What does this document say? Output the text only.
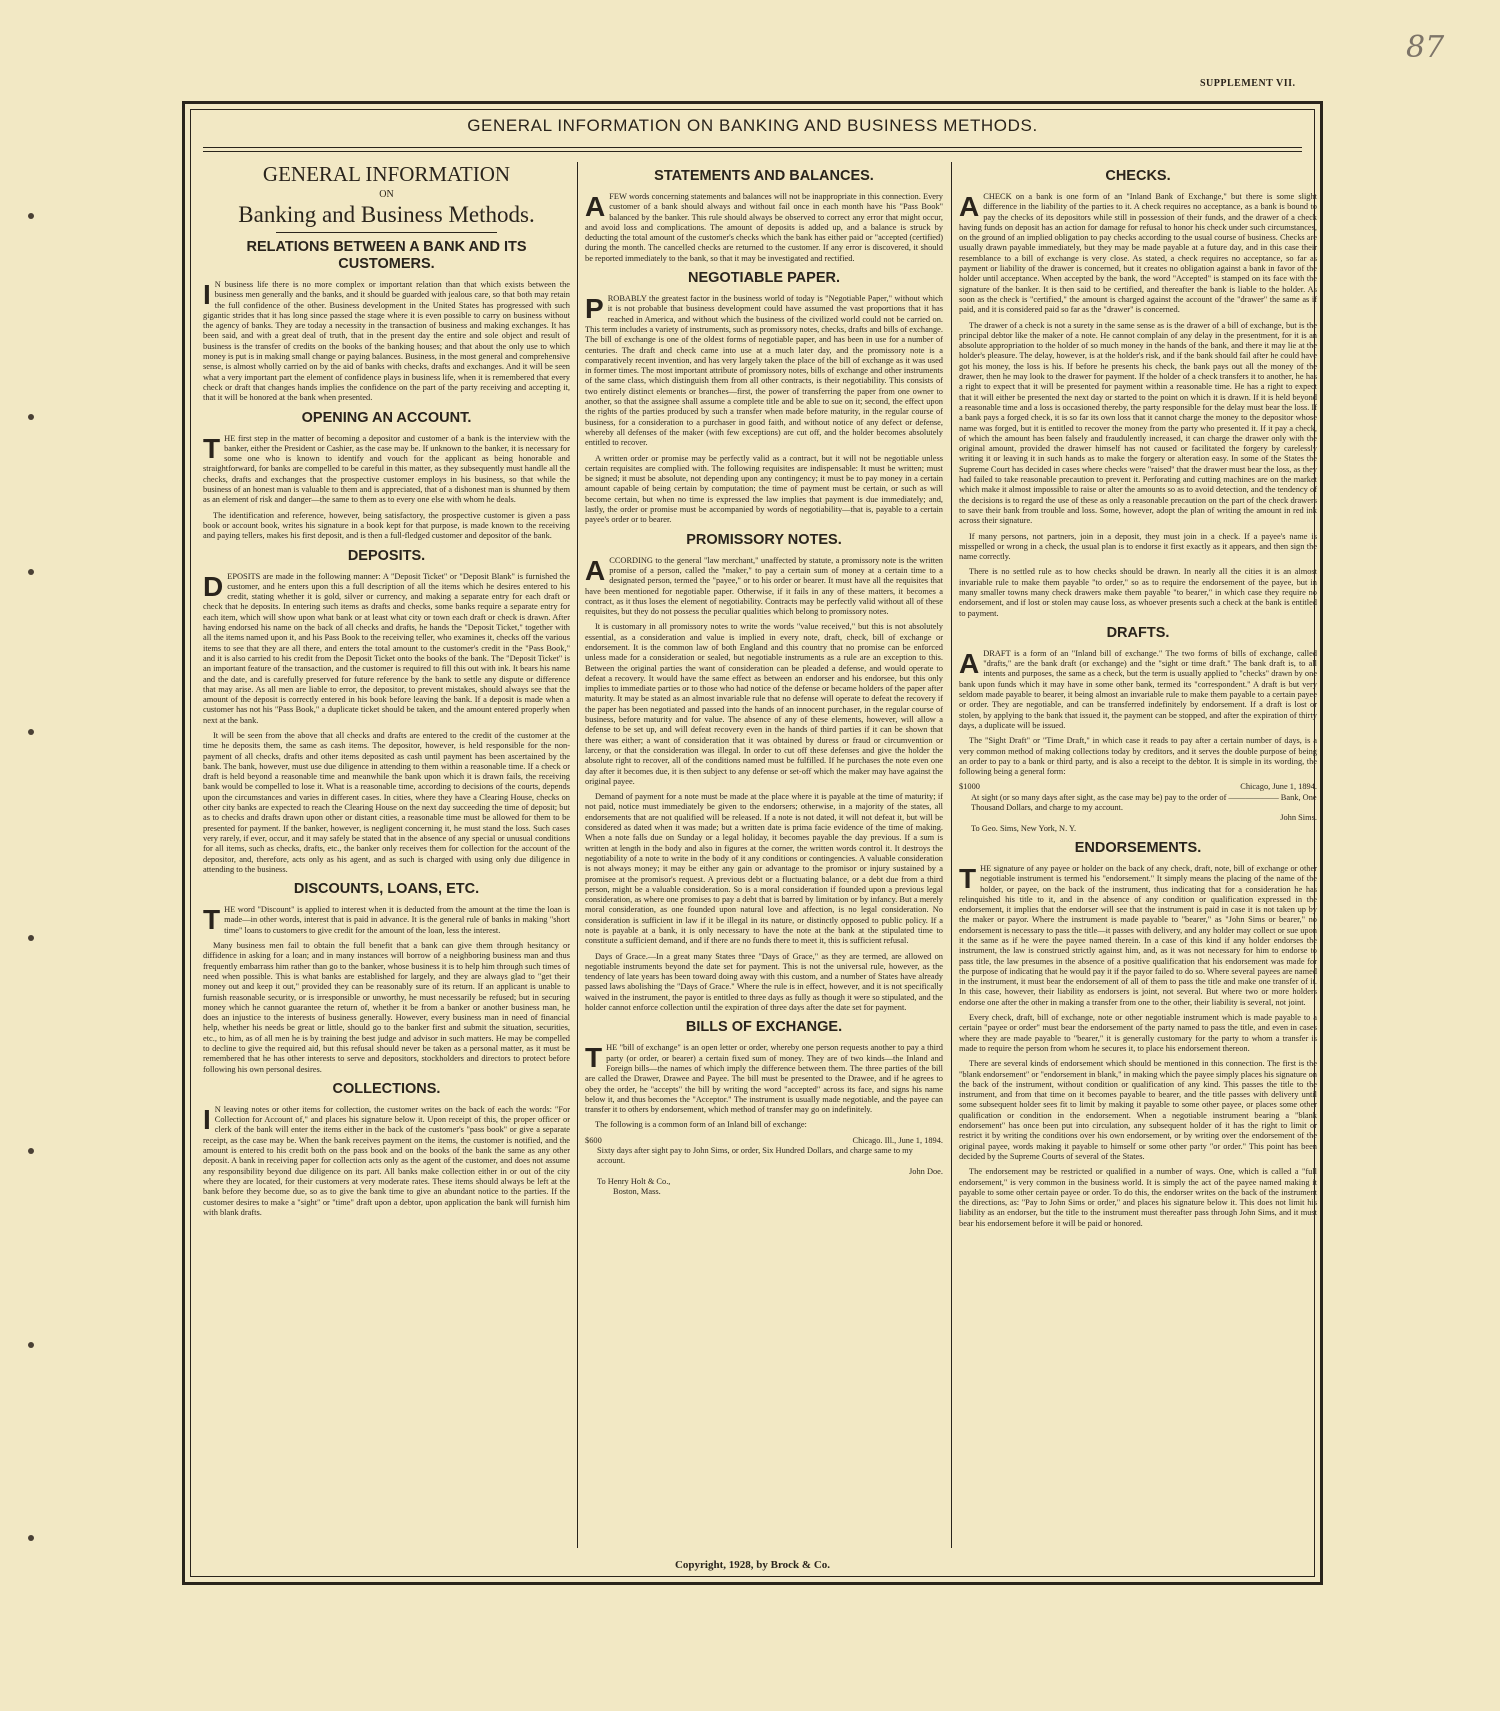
87
SUPPLEMENT VII.
GENERAL INFORMATION ON BANKING AND BUSINESS METHODS.
GENERAL INFORMATION
ON
Banking and Business Methods.
RELATIONS BETWEEN A BANK AND ITS CUSTOMERS.

I N business life there is no more complex or important relation than that which exists between the business men generally and the banks, and it should be guarded with jealous care, so that both may retain the full confidence of the other. Business development in the United States has progressed with such gigantic strides that it has long since passed the stage where it is even possible to carry on business without the agency of banks. They are today a necessity in the transaction of business and making exchanges. It has been said, and with a great deal of truth, that in the present day the entire and sole object and result of business is the transfer of credits on the books of the banking houses; and that about the only use to which money is put is in making small change or paying balances. Business, in the most general and comprehensive sense, is almost wholly carried on by the aid of banks with checks, drafts and exchanges. And it will be seen what a very important part the element of confidence plays in business life, when it is remembered that every check or draft that changes hands implies the confidence on the part of the party receiving and accepting it, that it will be honored at the bank when presented.

OPENING AN ACCOUNT.

THE first step in the matter of becoming a depositor and customer of a bank is the interview with the banker, either the President or Cashier, as the case may be. If unknown to the banker, it is necessary for some one who is known to identify and vouch for the applicant as being honorable and straightforward, for banks are compelled to be careful in this matter, as they subsequently must handle all the checks, drafts and exchanges that the prospective customer employs in his business, so that while the business of an honest man is valuable to them and is appreciated, that of a dishonest man is shunned by them as an element of risk and danger—the same to them as to every one else with whom he deals.

The identification and reference, however, being satisfactory, the prospective customer is given a pass book or account book, writes his signature in a book kept for that purpose, is made known to the receiving and paying tellers, makes his first deposit, and is then a full-fledged customer and depositor of the bank.

DEPOSITS.

DEPOSITS are made in the following manner: A "Deposit Ticket" or "Deposit Blank" is furnished the customer, and he enters upon this a full description of all the items which he desires entered to his credit, stating whether it is gold, silver or currency, and making a separate entry for each draft or check that he deposits. In entering such items as drafts and checks, some banks require a separate entry for each item, which will show upon what bank or at least what city or town each draft or check is drawn. After having endorsed his name on the back of all checks and drafts, he hands the "Deposit Ticket," together with all the items named upon it, and his Pass Book to the receiving teller, who examines it, checks off the various items to see that they are all there, and enters the total amount to the customer's credit in the "Pass Book," and it is also carried to his credit from the Deposit Ticket onto the books of the bank. The "Deposit Ticket" is an important feature of the transaction, and the customer is required to fill this out with ink. It bears his name and the date, and is carefully preserved for future reference by the bank to settle any dispute or difference that may arise. As all men are liable to error, the depositor, to prevent mistakes, should always see that the amount of the deposit is correctly entered in his book before leaving the bank. If a deposit is made when a customer has not his "Pass Book," a duplicate ticket should be taken, and the amount entered properly when next at the bank.

It will be seen from the above that all checks and drafts are entered to the credit of the customer at the time he deposits them, the same as cash items. The depositor, however, is held responsible for the non-payment of all checks, drafts and other items deposited as cash until payment has been ascertained by the bank. The bank, however, must use due diligence in attending to them within a reasonable time. If a check or draft is held beyond a reasonable time and meanwhile the bank upon which it is drawn fails, the receiving bank would be compelled to lose it. What is a reasonable time, according to decisions of the courts, depends upon the circumstances and varies in different cases. In cities, where they have a Clearing House, checks on other city banks are expected to reach the Clearing House on the next day succeeding the time of deposit; but as to checks and drafts drawn upon other or distant cities, a reasonable time must be allowed for them to be presented for payment. If the banker, however, is negligent concerning it, he must stand the loss. Such cases very rarely, if ever, occur, and it may safely be stated that in the absence of any special or unusual conditions for all items, such as checks, drafts, etc., the banker only receives them for collection for the account of the depositor, and, therefore, acts only as his agent, and as such is charged with using only due diligence in attending to the business.

DISCOUNTS, LOANS, ETC.

THE word "Discount" is applied to interest when it is deducted from the amount at the time the loan is made—in other words, interest that is paid in advance. It is the general rule of banks in making "short time" loans to customers to give credit for the amount of the loan, less the interest.

Many business men fail to obtain the full benefit that a bank can give them through hesitancy or diffidence in asking for a loan; and in many instances will borrow of a neighboring business man and thus frequently embarrass him rather than go to the banker, whose business it is to help him through such times of need when possible. This is what banks are established for largely, and they are always glad to "get their money out and keep it out," provided they can be reasonably sure of its return. If an applicant is unable to furnish reasonable security, or is irresponsible or unworthy, he must necessarily be refused; but in securing money which he cannot guarantee the return of, whether it be from a banker or another business man, he does an injustice to the interests of business generally. However, every business man in need of financial help, whether his needs be great or little, should go to the banker first and submit the situation, securities, etc., to him, as of all men he is by training the best judge and advisor in such matters. He may be compelled to decline to give the required aid, but this refusal should never be taken as a personal matter, as it must be remembered that he has other interests to serve and depositors, stockholders and directors to protect before following his own personal desires.

COLLECTIONS.

I N leaving notes or other items for collection, the customer writes on the back of each the words: "For Collection for Account of," and places his signature below it. Upon receipt of this, the proper officer or clerk of the bank will enter the items either in the back of the customer's "pass book" or give a separate receipt, as the case may be. When the bank receives payment on the items, the customer is notified, and the amount is entered to his credit both on the pass book and on the books of the bank the same as any other deposit. A bank in receiving paper for collection acts only as the agent of the customer, and does not assume any responsibility beyond due diligence on its part. All banks make collection either in or out of the city where they are located, for their customers at very moderate rates. These items should always be left at the bank before they become due, so as to give the bank time to give an abundant notice to the parties. If the customer desires to make a "sight" or "time" draft upon a debtor, upon application the bank will furnish him with blank drafts.

STATEMENTS AND BALANCES.

AFEW words concerning statements and balances will not be inappropriate in this connection. Every customer of a bank should always and without fail once in each month have his "Pass Book" balanced by the banker. This rule should always be observed to correct any error that might occur, and avoid loss and complications. The amount of deposits is added up, and a balance is struck by deducting the total amount of the customer's checks which the bank has either paid or "accepted (certified) during the month. The cancelled checks are returned to the customer. If any error is discovered, it should be reported immediately to the bank, so that it may be investigated and rectified.

NEGOTIABLE PAPER.

PROBABLY the greatest factor in the business world of today is "Negotiable Paper," without which it is not probable that business development could have assumed the vast proportions that it has reached in America, and without which the business of the civilized world could not be carried on. This term includes a variety of instruments, such as promissory notes, checks, drafts and bills of exchange. The bill of exchange is one of the oldest forms of negotiable paper, and has been in use for a number of centuries. The draft and check came into use at a much later day, and the promissory note is a comparatively recent invention, and has very largely taken the place of the bill of exchange as it was used in former times. The most important attribute of promissory notes, bills of exchange and other instruments of the same class, which distinguish them from all other contracts, is their negotiability. This consists of two entirely distinct elements or branches—first, the power of transferring the paper from one owner to another, so that the assignee shall assume a complete title and be able to sue on it; second, the effect upon the rights of the parties produced by such a transfer when made before maturity, in the regular course of business, for a consideration to a purchaser in good faith, and without notice of any defect or defense, whereby all defenses of the maker (with few exceptions) are cut off, and the holder becomes absolutely entitled to recover.

A written order or promise may be perfectly valid as a contract, but it will not be negotiable unless certain requisites are complied with. The following requisites are indispensable: It must be written; must be signed; it must be absolute, not depending upon any contingency; it must be to pay money in a certain amount capable of being certain by computation; the time of payment must be certain, or such as will become certain, but when no time is expressed the law implies that payment is due immediately; and, lastly, the order or promise must be accompanied by words of negotiability—that is, payable to a certain payee's order or to bearer.

PROMISSORY NOTES.

ACCORDING to the general "law merchant," unaffected by statute, a promissory note is the written promise of a person, called the "maker," to pay a certain sum of money at a certain time to a designated person, termed the "payee," or to his order or bearer. It must have all the requisites that have been mentioned for negotiable paper. Otherwise, if it fails in any of these matters, it becomes a contract, as it thus loses the element of negotiability. Contracts may be perfectly valid without all of these requisites, but they do not possess the peculiar qualities which belong to promissory notes.

It is customary in all promissory notes to write the words "value received," but this is not absolutely essential, as a consideration and value is implied in every note, draft, check, bill of exchange or endorsement. It is the common law of both England and this country that no promise can be enforced unless made for a consideration or sealed, but negotiable instruments as a rule are an exception to this. Between the original parties the want of consideration can be pleaded a defense, and would operate to defeat a recovery. It would have the same effect as between an endorser and his endorsee, but this only implies to immediate parties or to those who had notice of the defense or became holders of the paper after maturity. It may be stated as an almost invariable rule that no defense will operate to defeat the recovery if the paper has been negotiated and passed into the hands of an innocent purchaser, in the regular course of business, before maturity and for value. The absence of any of these elements, however, will allow a defense to be set up, and will defeat recovery even in the hands of third parties if it can be shown that there was either; a want of consideration that it was obtained by duress or fraud or circumvention or larceny, or that the consideration was illegal. In order to cut off these defenses and give the holder the absolute right to recover, all of the conditions named must be fulfilled. If he purchases the note even one day after it becomes due, it is then subject to any defense or set-off which the maker may have against the original payee.

Demand of payment for a note must be made at the place where it is payable at the time of maturity; if not paid, notice must immediately be given to the endorsers; otherwise, in a majority of the states, all endorsements that are not qualified will be released. If a note is not dated, it will not defeat it, but will be considered as dated when it was made; but a written date is prima facie evidence of the time of making. When a note falls due on Sunday or a legal holiday, it becomes payable the day previous. If a sum is written at length in the body and also in figures at the corner, the written words control it. It destroys the negotiability of a note to write in the body of it any conditions or contingencies. A valuable consideration is not always money; it may be either any gain or advantage to the promisor or injury sustained by a promisee at the promisor's request. A previous debt or a fluctuating balance, or a debt due from a third person, might be a valuable consideration. So is a moral consideration if founded upon a previous legal consideration, as where one promises to pay a debt that is barred by limitation or by infancy. But a merely moral consideration, as one founded upon natural love and affection, is no legal consideration. No consideration is sufficient in law if it be illegal in its nature, or distinctly opposed to public policy. If a note is payable at a bank, it is only necessary to have the note at the bank at the stipulated time to constitute a sufficient demand, and if there are no funds there to meet it, this is sufficient refusal.

Days of Grace.—In a great many States three "Days of Grace," as they are termed, are allowed on negotiable instruments beyond the date set for payment. This is not the universal rule, however, as the tendency of late years has been toward doing away with this custom, and a number of States have already passed laws abolishing the "Days of Grace." Where the rule is in effect, however, and it is not specifically waived in the instrument, the payor is entitled to three days as fully as though it were so stipulated, and the holder cannot enforce collection until the expiration of three days after the date set for payment.

BILLS OF EXCHANGE.

THE "bill of exchange" is an open letter or order, whereby one person requests another to pay a third party (or order, or bearer) a certain fixed sum of money. They are of two kinds—the Inland and Foreign bills—the names of which imply the difference between them. The three parties of the bill are called the Drawer, Drawee and Payee. The bill must be presented to the Drawee, and if he agrees to obey the order, he "accepts" the bill by writing the word "accepted" across its face, and signs his name below it, and thus becomes the "Acceptor." The instrument is usually made negotiable, and the payee can transfer it to others by endorsement, which method of transfer may go on indefinitely.

The following is a common form of an Inland bill of exchange:

$600	Chicago. Ill., June 1, 1894.
Sixty days after sight pay to John Sims, or order, Six Hundred Dollars, and charge same to my account.
John Doe.
To Henry Holt & Co.,
Boston, Mass.
CHECKS.

ACHECK on a bank is one form of an "Inland Bank of Exchange," but there is some slight difference in the liability of the parties to it. A check requires no acceptance, as a bank is bound to pay the checks of its depositors while still in possession of their funds, and the drawer of a check having funds on deposit has an action for damage for refusal to honor his check under such circumstances, on the ground of an implied obligation to pay checks according to the usual course of business. Checks are usually drawn payable immediately, but they may be made payable at a future day, and in this case their resemblance to a bill of exchange is very close. As stated, a check requires no acceptance, so far as payment or liability of the drawer is concerned, but it creates no obligation against a bank in favor of the holder until acceptance. When accepted by the bank, the word "Accepted" is stamped on its face with the signature of the banker. It is then said to be certified, and thereafter the bank is liable to the holder. As soon as the check is "certified," the amount is charged against the account of the "drawer" the same as if paid, and it is considered paid so far as the "drawer" is concerned.

The drawer of a check is not a surety in the same sense as is the drawer of a bill of exchange, but is the principal debtor like the maker of a note. He cannot complain of any delay in the presentment, for it is an absolute appropriation to the holder of so much money in the hands of the bank, and there it may lie at the holder's pleasure. The delay, however, is at the holder's risk, and if the bank should fail after he could have got his money, the loss is his. If before he presents his check, the bank pays out all the money of the drawer, then he may look to the drawer for payment. If the holder of a check transfers it to another, he has a right to expect that it will be presented for payment within a reasonable time. He has a right to expect that it will either be presented the next day or started to the point on which it is drawn. If it is held beyond a reasonable time and a loss is occasioned thereby, the party responsible for the delay must bear the loss. If a bank pays a forged check, it is so far its own loss that it cannot charge the money to the depositor whose name was forged, but it is entitled to recover the money from the party who presented it. If it pay a check, of which the amount has been falsely and fraudulently increased, it can charge the drawer only with the original amount, provided the drawer himself has not caused or facilitated the forgery by carelessly writing it or leaving it in such hands as to make the forgery or alteration easy. In some of the States the Supreme Court has decided in cases where checks were "raised" that the drawer must bear the loss, as they had failed to take reasonable precaution to prevent it. Perforating and cutting machines are on the market which make it almost impossible to raise or alter the amounts so as to avoid detection, and the tendency of the decisions is to regard the use of these as only a reasonable precaution on the part of the check drawers to save their bank from trouble and loss. Some, however, adopt the plan of writing the amount in red ink across their signature.

If many persons, not partners, join in a deposit, they must join in a check. If a payee's name is misspelled or wrong in a check, the usual plan is to endorse it first exactly as it appears, and then sign the name correctly.

There is no settled rule as to how checks should be drawn. In nearly all the cities it is an almost invariable rule to make them payable "to order," so as to require the endorsement of the payee, but in many smaller towns many check drawers make them payable "to bearer," in which case they require no endorsement, and if lost or stolen may cause loss, as whoever presents such a check at the bank is entitled to payment.

DRAFTS.

ADRAFT is a form of an "Inland bill of exchange." The two forms of bills of exchange, called "drafts," are the bank draft (or exchange) and the "sight or time draft." The bank draft is, to all intents and purposes, the same as a check, but the term is usually applied to "checks" drawn by one bank upon funds which it may have in some other bank, termed its "correspondent." A draft is but very seldom made payable to bearer, it being almost an invariable rule to make them payable to a certain payee or order. They are negotiable, and can be transferred indefinitely by endorsement. If a draft is lost or stolen, by applying to the bank that issued it, the payment can be stopped, and after the expiration of thirty days, a duplicate will be issued.

The "Sight Draft" or "Time Draft," in which case it reads to pay after a certain number of days, is a very common method of making collections today by creditors, and it serves the double purpose of being an order to pay to a bank or third party, and is also a receipt to the debtor. It is simple in its wording, the following being a general form:

$1000	Chicago, June 1, 1894.
At sight (or so many days after sight, as the case may be) pay to the order of —————— Bank, One Thousand Dollars, and charge to my account.
John Sims.
To Geo. Sims, New York, N. Y.
ENDORSEMENTS.

THE signature of any payee or holder on the back of any check, draft, note, bill of exchange or other negotiable instrument is termed his "endorsement." It simply means the placing of the name of the holder, or payee, on the back of the instrument, thus indicating that for a consideration he has relinquished his title to it, and in the absence of any condition or qualification expressed in the endorsement, it implies that the endorser will see that the instrument is paid in case it is not taken up by the maker or payor. Where the instrument is made payable to "bearer," as "John Sims or bearer," no endorsement is necessary to pass the title—it passes with delivery, and any holder may collect or sue upon it the same as if he were the payee named therein. In a case of this kind if any holder endorses the instrument, the law is construed strictly against him, and, as it was not necessary for him to endorse to pass title, the law presumes in the absence of a positive qualification that his endorsement was made for the purpose of indicating that he would pay it if the payor failed to do so. Where several payees are named in the instrument, it must bear the endorsement of all of them to pass the title and make one transfer of it. In this case, however, their liability as endorsers is joint, not several. But where two or more holders endorse one after the other in making a transfer from one to the other, their liability is several, not joint.

Every check, draft, bill of exchange, note or other negotiable instrument which is made payable to a certain "payee or order" must bear the endorsement of the party named to pass the title, and even in cases where they are made payable to "bearer," it is generally customary for the party to whom a transfer is made to require the person from whom he secures it, to place his endorsement thereon.

There are several kinds of endorsement which should be mentioned in this connection. The first is the "blank endorsement" or "endorsement in blank," in making which the payee simply places his signature on the back of the instrument, without condition or qualification of any kind. This passes the title to the instrument, and from that time on it becomes payable to bearer, and the title passes with delivery until some subsequent holder sees fit to limit by making it payable to some other payee, or places some other qualification or condition in the endorsement. When a negotiable instrument bearing a "blank endorsement" has once been put into circulation, any subsequent holder of it has the right to limit or restrict it by writing the conditions over his own endorsement, or by writing over the endorsement of the original payee, words making it payable to himself or some other party "or order." This point has been decided by the Supreme Courts of several of the States.

The endorsement may be restricted or qualified in a number of ways. One, which is called a "full endorsement," is very common in the business world. It is simply the act of the payee named making it payable to some other certain payee or order. To do this, the endorser writes on the back of the instrument the directions, as: "Pay to John Sims or order," and places his signature below it. This does not limit his liability as an endorser, but the title to the instrument must thereafter pass through John Sims, and it must bear his endorsement before it will be paid or honored.

Copyright, 1928, by Brock & Co.
